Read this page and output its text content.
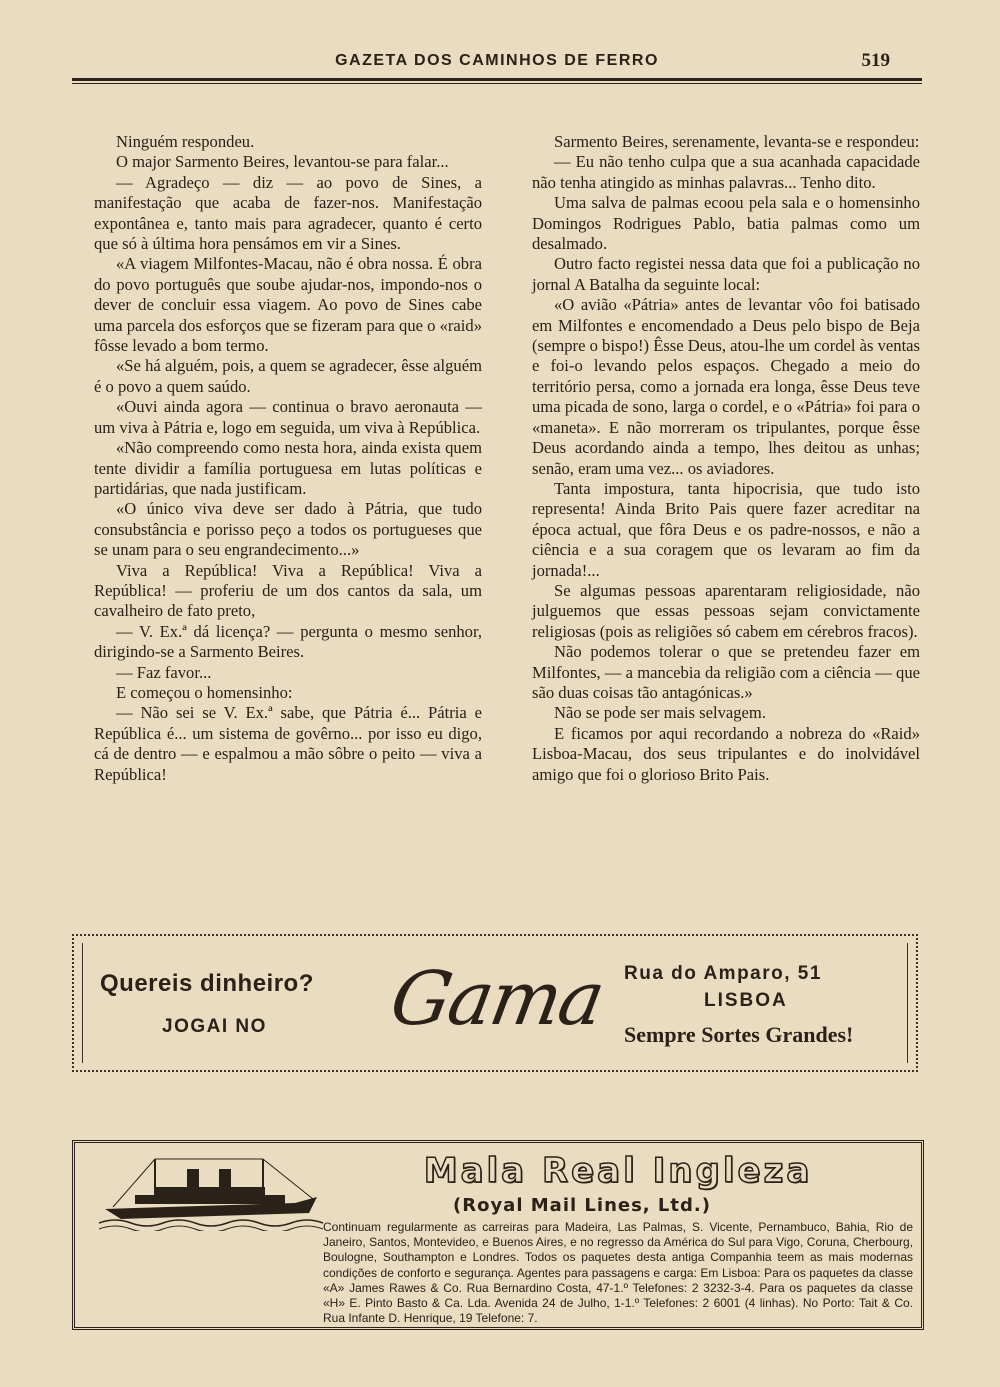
GAZETA DOS CAMINHOS DE FERRO	519

Ninguém respondeu.

O major Sarmento Beires, levantou-se para falar...

— Agradeço — diz — ao povo de Sines, a manifestação que acaba de fazer-nos. Manifestação expontânea e, tanto mais para agradecer, quanto é certo que só à última hora pensámos em vir a Sines.

«A viagem Milfontes-Macau, não é obra nossa. É obra do povo português que soube ajudar-nos, impondo-nos o dever de concluir essa viagem. Ao povo de Sines cabe uma parcela dos esforços que se fizeram para que o «raid» fôsse levado a bom termo.

«Se há alguém, pois, a quem se agradecer, êsse alguém é o povo a quem saúdo.

«Ouvi ainda agora — continua o bravo aeronauta — um viva à Pátria e, logo em seguida, um viva à República.

«Não compreendo como nesta hora, ainda exista quem tente dividir a família portuguesa em lutas políticas e partidárias, que nada justificam.

«O único viva deve ser dado à Pátria, que tudo consubstância e porisso peço a todos os portugueses que se unam para o seu engrandecimento...»

Viva a República! Viva a República! Viva a República! — proferiu de um dos cantos da sala, um cavalheiro de fato preto,

— V. Ex.ª dá licença? — pergunta o mesmo senhor, dirigindo-se a Sarmento Beires.

— Faz favor...

E começou o homensinho:

— Não sei se V. Ex.ª sabe, que Pátria é... Pátria e República é... um sistema de govêrno... por isso eu digo, cá de dentro — e espalmou a mão sôbre o peito — viva a República!

Sarmento Beires, serenamente, levanta-se e respondeu:

— Eu não tenho culpa que a sua acanhada capacidade não tenha atingido as minhas palavras... Tenho dito.

Uma salva de palmas ecoou pela sala e o homensinho Domingos Rodrigues Pablo, batia palmas como um desalmado.

Outro facto registei nessa data que foi a publicação no jornal A Batalha da seguinte local:

«O avião «Pátria» antes de levantar vôo foi batisado em Milfontes e encomendado a Deus pelo bispo de Beja (sempre o bispo!) Êsse Deus, atou-lhe um cordel às ventas e foi-o levando pelos espaços. Chegado a meio do território persa, como a jornada era longa, êsse Deus teve uma picada de sono, larga o cordel, e o «Pátria» foi para o «maneta». E não morreram os tripulantes, porque êsse Deus acordando ainda a tempo, lhes deitou as unhas; senão, eram uma vez... os aviadores.

Tanta impostura, tanta hipocrisia, que tudo isto representa! Ainda Brito Pais quere fazer acreditar na época actual, que fôra Deus e os padre-nossos, e não a ciência e a sua coragem que os levaram ao fim da jornada!...

Se algumas pessoas aparentaram religiosidade, não julguemos que essas pessoas sejam convictamente religiosas (pois as religiões só cabem em cérebros fracos).

Não podemos tolerar o que se pretendeu fazer em Milfontes, — a mancebia da religião com a ciência — que são duas coisas tão antagónicas.»

Não se pode ser mais selvagem.

E ficamos por aqui recordando a nobreza do «Raid» Lisboa-Macau, dos seus tripulantes e do inolvidável amigo que foi o glorioso Brito Pais.

Quereis dinheiro?
JOGAI NO Gama Rua do Amparo, 51
LISBOA
Sempre Sortes Grandes!
Mala Real Ingleza
(Royal Mail Lines, Ltd.)
Continuam regularmente as carreiras para Madeira, Las Palmas, S. Vicente, Pernambuco, Bahia, Rio de Janeiro, Santos, Montevideo, e Buenos Aires, e no regresso da América do Sul para Vigo, Coruna, Cherbourg, Boulogne, Southampton e Londres. Todos os paquetes desta antiga Companhia teem as mais modernas condições de conforto e segurança. Agentes para passagens e carga: Em Lisboa: Para os paquetes da classe «A» James Rawes & Co. Rua Bernardino Costa, 47-1.º Telefones: 2 3232-3-4. Para os paquetes da classe «H» E. Pinto Basto & Ca. Lda. Avenida 24 de Julho, 1-1.º Telefones: 2 6001 (4 linhas). No Porto: Tait & Co. Rua Infante D. Henrique, 19 Telefone: 7.
